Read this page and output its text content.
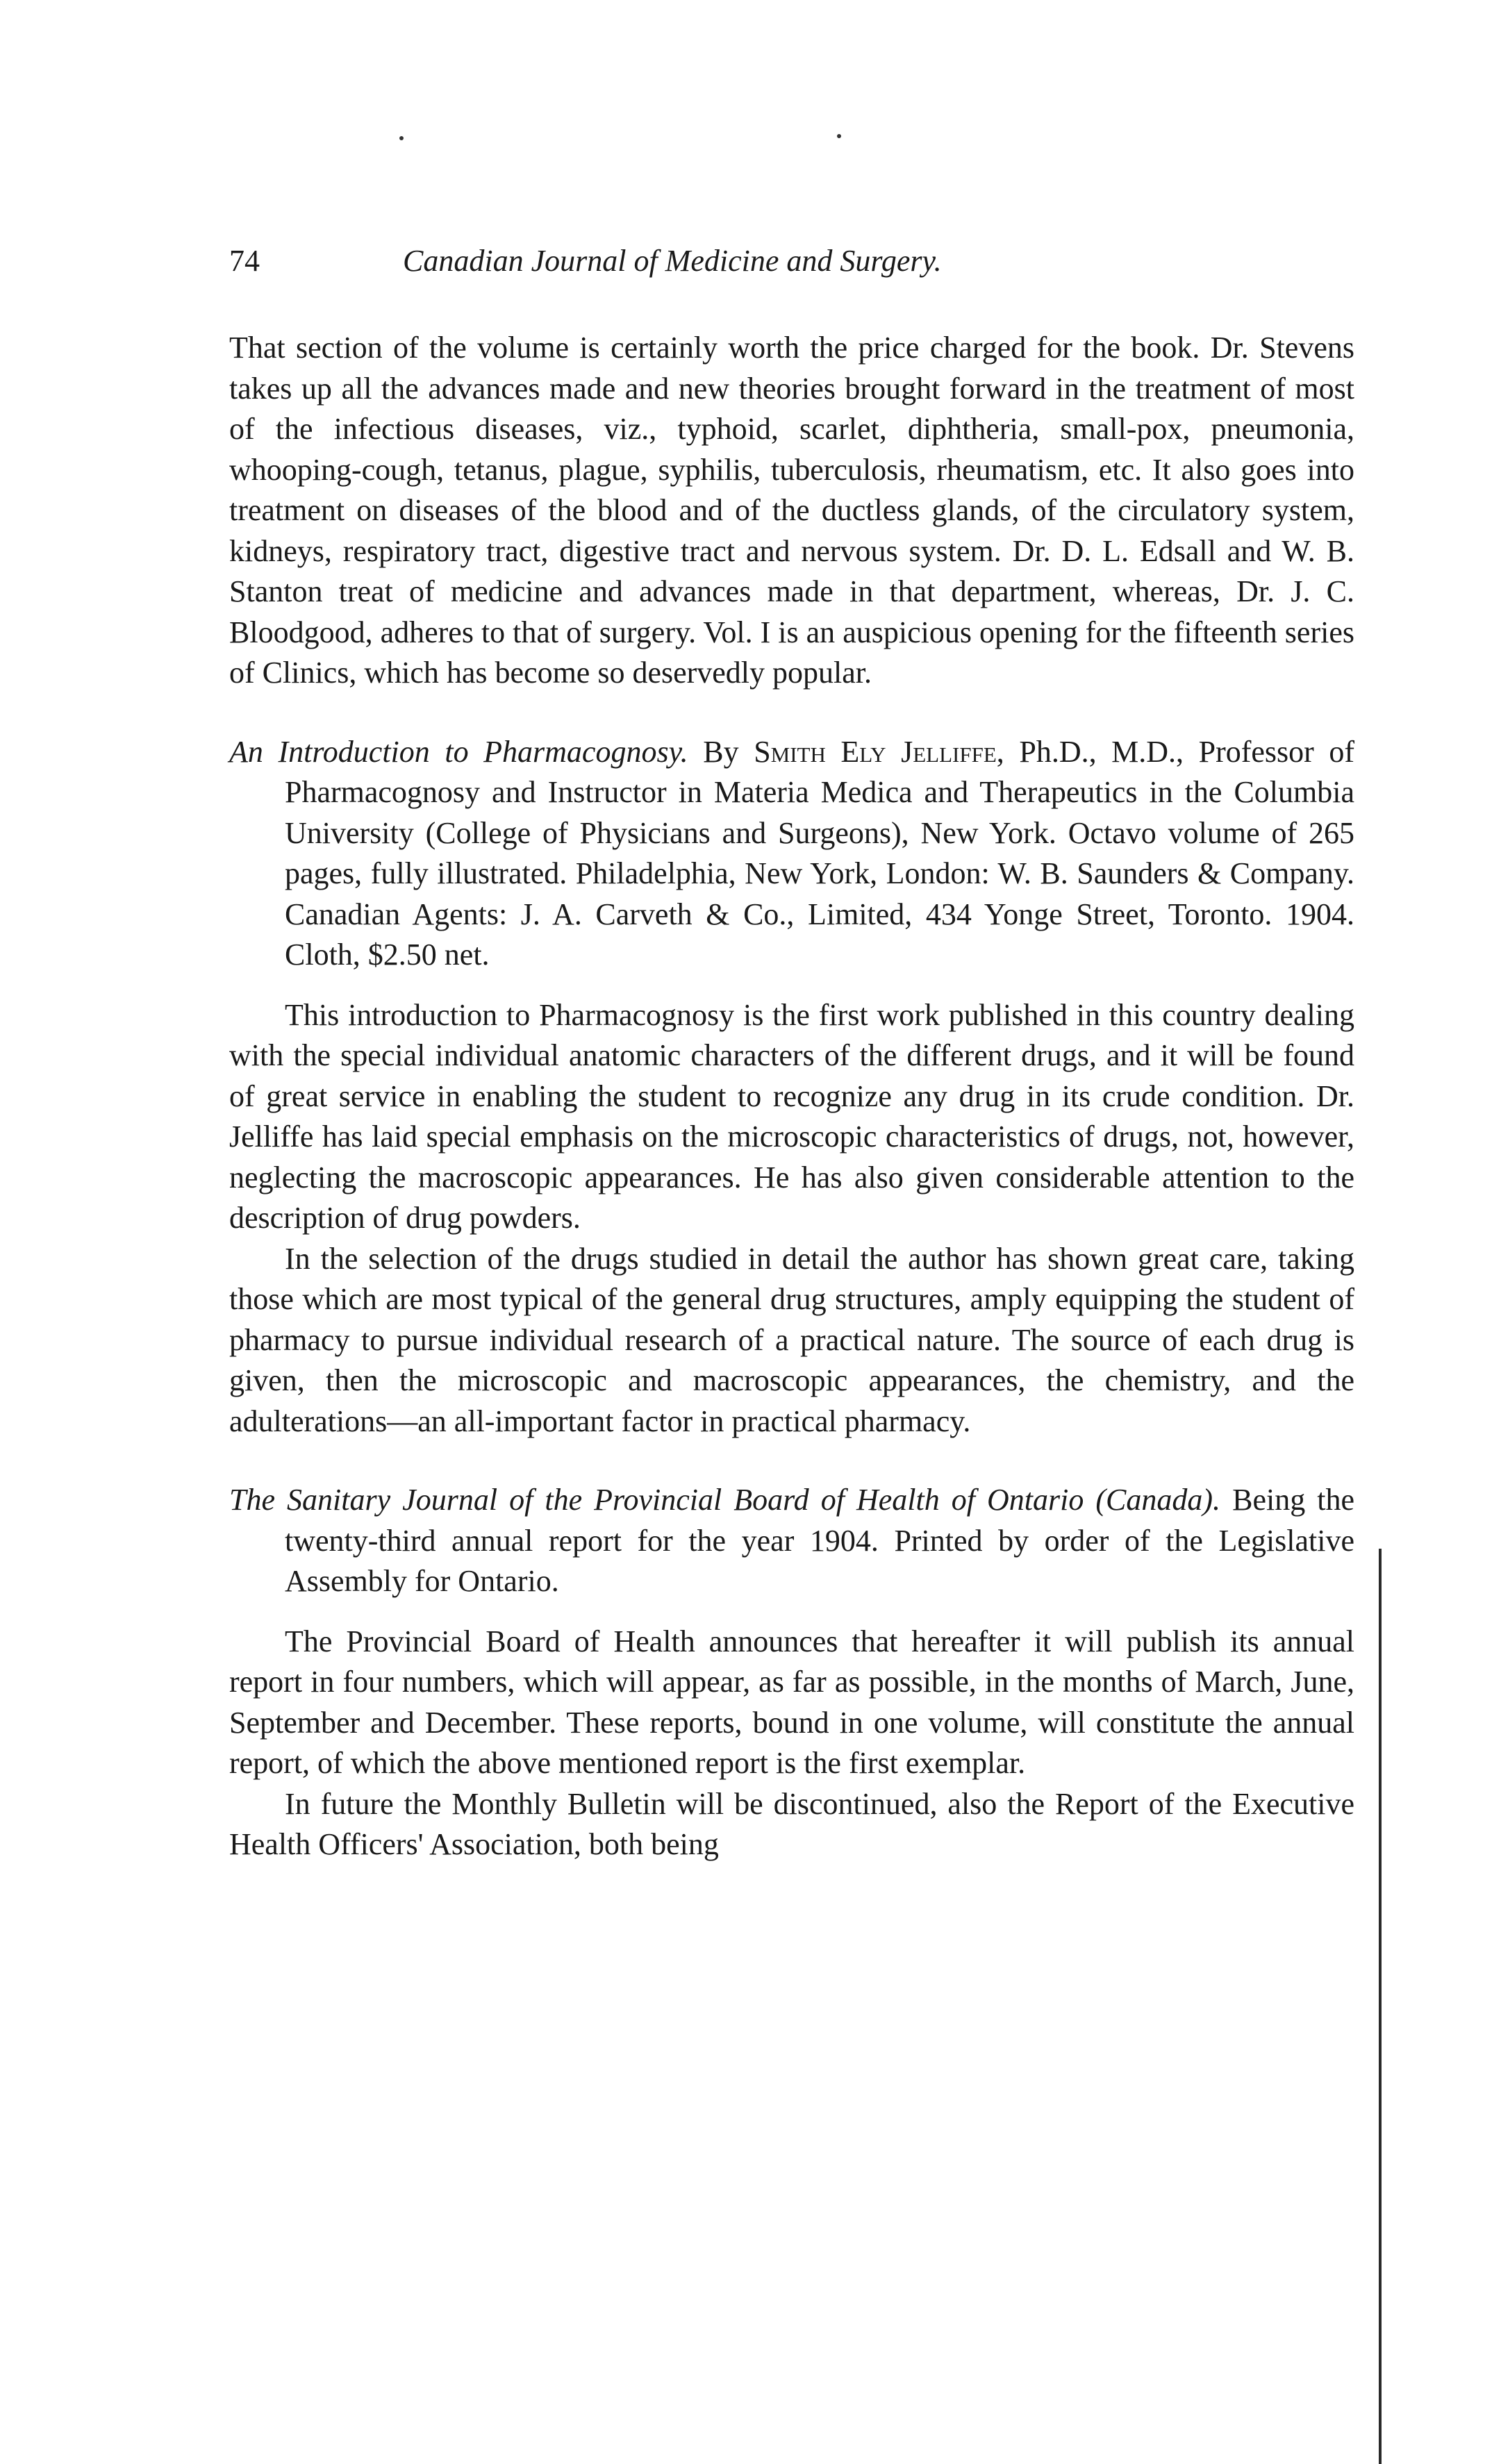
74	Canadian Journal of Medicine and Surgery.

That section of the volume is certainly worth the price charged for the book. Dr. Stevens takes up all the advances made and new theories brought forward in the treatment of most of the infectious diseases, viz., typhoid, scarlet, diphtheria, small-pox, pneumonia, whooping-cough, tetanus, plague, syphilis, tuberculosis, rheumatism, etc. It also goes into treatment on diseases of the blood and of the ductless glands, of the circulatory system, kidneys, respiratory tract, digestive tract and nervous system. Dr. D. L. Edsall and W. B. Stanton treat of medicine and advances made in that department, whereas, Dr. J. C. Bloodgood, adheres to that of surgery. Vol. I is an auspicious opening for the fifteenth series of Clinics, which has become so deservedly popular.

An Introduction to Pharmacognosy. By Smith Ely Jelliffe, Ph.D., M.D., Professor of Pharmacognosy and Instructor in Materia Medica and Therapeutics in the Columbia University (College of Physicians and Surgeons), New York. Octavo volume of 265 pages, fully illustrated. Philadelphia, New York, London: W. B. Saunders & Company. Canadian Agents: J. A. Carveth & Co., Limited, 434 Yonge Street, Toronto. 1904. Cloth, $2.50 net.

This introduction to Pharmacognosy is the first work published in this country dealing with the special individual anatomic characters of the different drugs, and it will be found of great service in enabling the student to recognize any drug in its crude condition. Dr. Jelliffe has laid special emphasis on the microscopic characteristics of drugs, not, however, neglecting the macroscopic appearances. He has also given considerable attention to the description of drug powders.

In the selection of the drugs studied in detail the author has shown great care, taking those which are most typical of the general drug structures, amply equipping the student of pharmacy to pursue individual research of a practical nature. The source of each drug is given, then the microscopic and macroscopic appearances, the chemistry, and the adulterations—an all-important factor in practical pharmacy.

The Sanitary Journal of the Provincial Board of Health of Ontario (Canada). Being the twenty-third annual report for the year 1904. Printed by order of the Legislative Assembly for Ontario.

The Provincial Board of Health announces that hereafter it will publish its annual report in four numbers, which will appear, as far as possible, in the months of March, June, September and December. These reports, bound in one volume, will constitute the annual report, of which the above mentioned report is the first exemplar.

In future the Monthly Bulletin will be discontinued, also the Report of the Executive Health Officers' Association, both being
